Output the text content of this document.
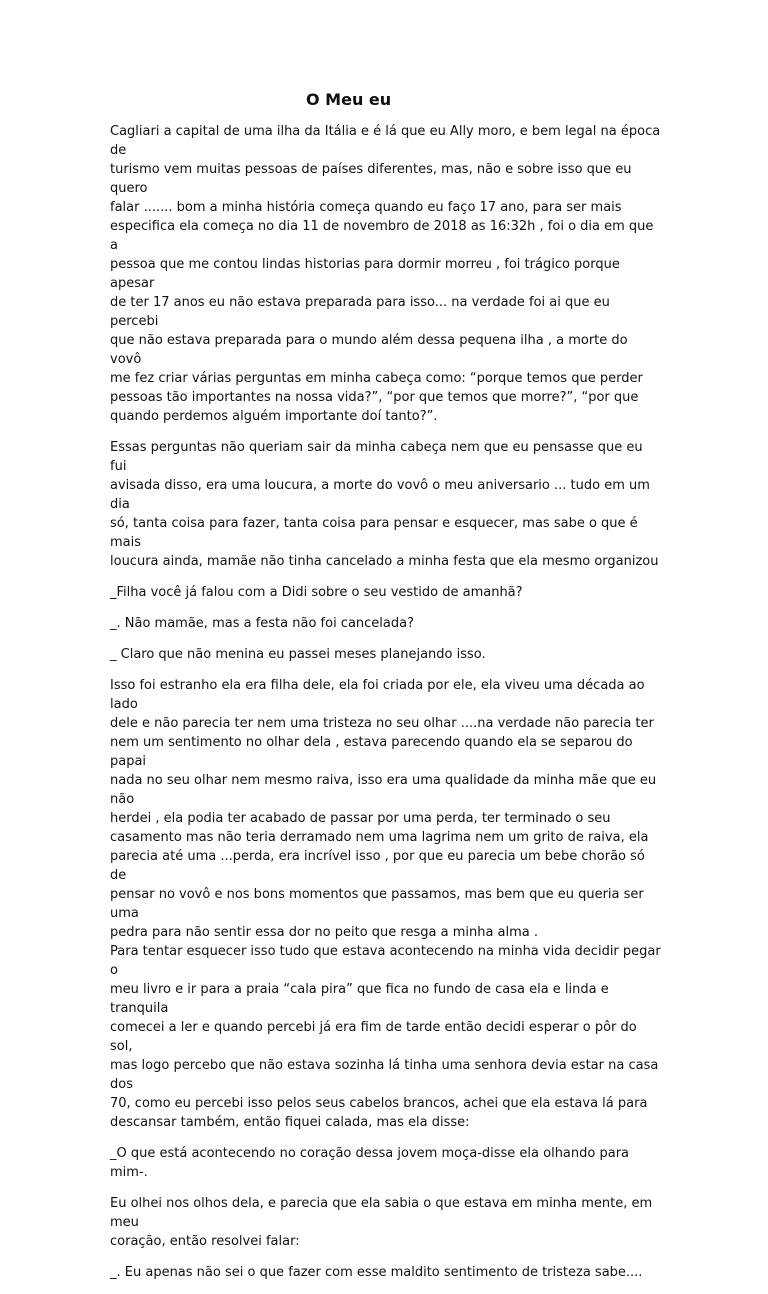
O Meu eu

Cagliari a capital de uma ilha da Itália e é lá que eu Ally moro, e bem legal na época de
turismo vem muitas pessoas de países diferentes, mas, não e sobre isso que eu quero
falar ....... bom a minha história começa quando eu faço 17 ano, para ser mais
especifica ela começa no dia 11 de novembro de 2018 as 16:32h , foi o dia em que a
pessoa que me contou lindas historias para dormir morreu , foi trágico porque apesar
de ter 17 anos eu não estava preparada para isso... na verdade foi ai que eu percebi
que não estava preparada para o mundo além dessa pequena ilha , a morte do vovô
me fez criar várias perguntas em minha cabeça como: “porque temos que perder
pessoas tão importantes na nossa vida?”, “por que temos que morre?”, “por que
quando perdemos alguém importante doí tanto?”.

Essas perguntas não queriam sair da minha cabeça nem que eu pensasse que eu fui
avisada disso, era uma loucura, a morte do vovô o meu aniversario ... tudo em um dia
só, tanta coisa para fazer, tanta coisa para pensar e esquecer, mas sabe o que é mais
loucura ainda, mamãe não tinha cancelado a minha festa que ela mesmo organizou

_Filha você já falou com a Didi sobre o seu vestido de amanhã?

_. Não mamãe, mas a festa não foi cancelada?

_ Claro que não menina eu passei meses planejando isso.

Isso foi estranho ela era filha dele, ela foi criada por ele, ela viveu uma década ao lado
dele e não parecia ter nem uma tristeza no seu olhar ....na verdade não parecia ter
nem um sentimento no olhar dela , estava parecendo quando ela se separou do papai
nada no seu olhar nem mesmo raiva, isso era uma qualidade da minha mãe que eu não
herdei , ela podia ter acabado de passar por uma perda, ter terminado o seu
casamento mas não teria derramado nem uma lagrima nem um grito de raiva, ela
parecia até uma ...perda, era incrível isso , por que eu parecia um bebe chorão só de
pensar no vovô e nos bons momentos que passamos, mas bem que eu queria ser uma
pedra para não sentir essa dor no peito que resga a minha alma .

Para tentar esquecer isso tudo que estava acontecendo na minha vida decidir pegar o
meu livro e ir para a praia “cala pira” que fica no fundo de casa ela e linda e tranquila
comecei a ler e quando percebi já era fim de tarde então decidi esperar o pôr do sol,
mas logo percebo que não estava sozinha lá tinha uma senhora devia estar na casa dos
70, como eu percebi isso pelos seus cabelos brancos, achei que ela estava lá para
descansar também, então fiquei calada, mas ela disse:

_O que está acontecendo no coração dessa jovem moça-disse ela olhando para mim-.

Eu olhei nos olhos dela, e parecia que ela sabia o que estava em minha mente, em meu
coração, então resolvei falar:

_. Eu apenas não sei o que fazer com esse maldito sentimento de tristeza sabe....
